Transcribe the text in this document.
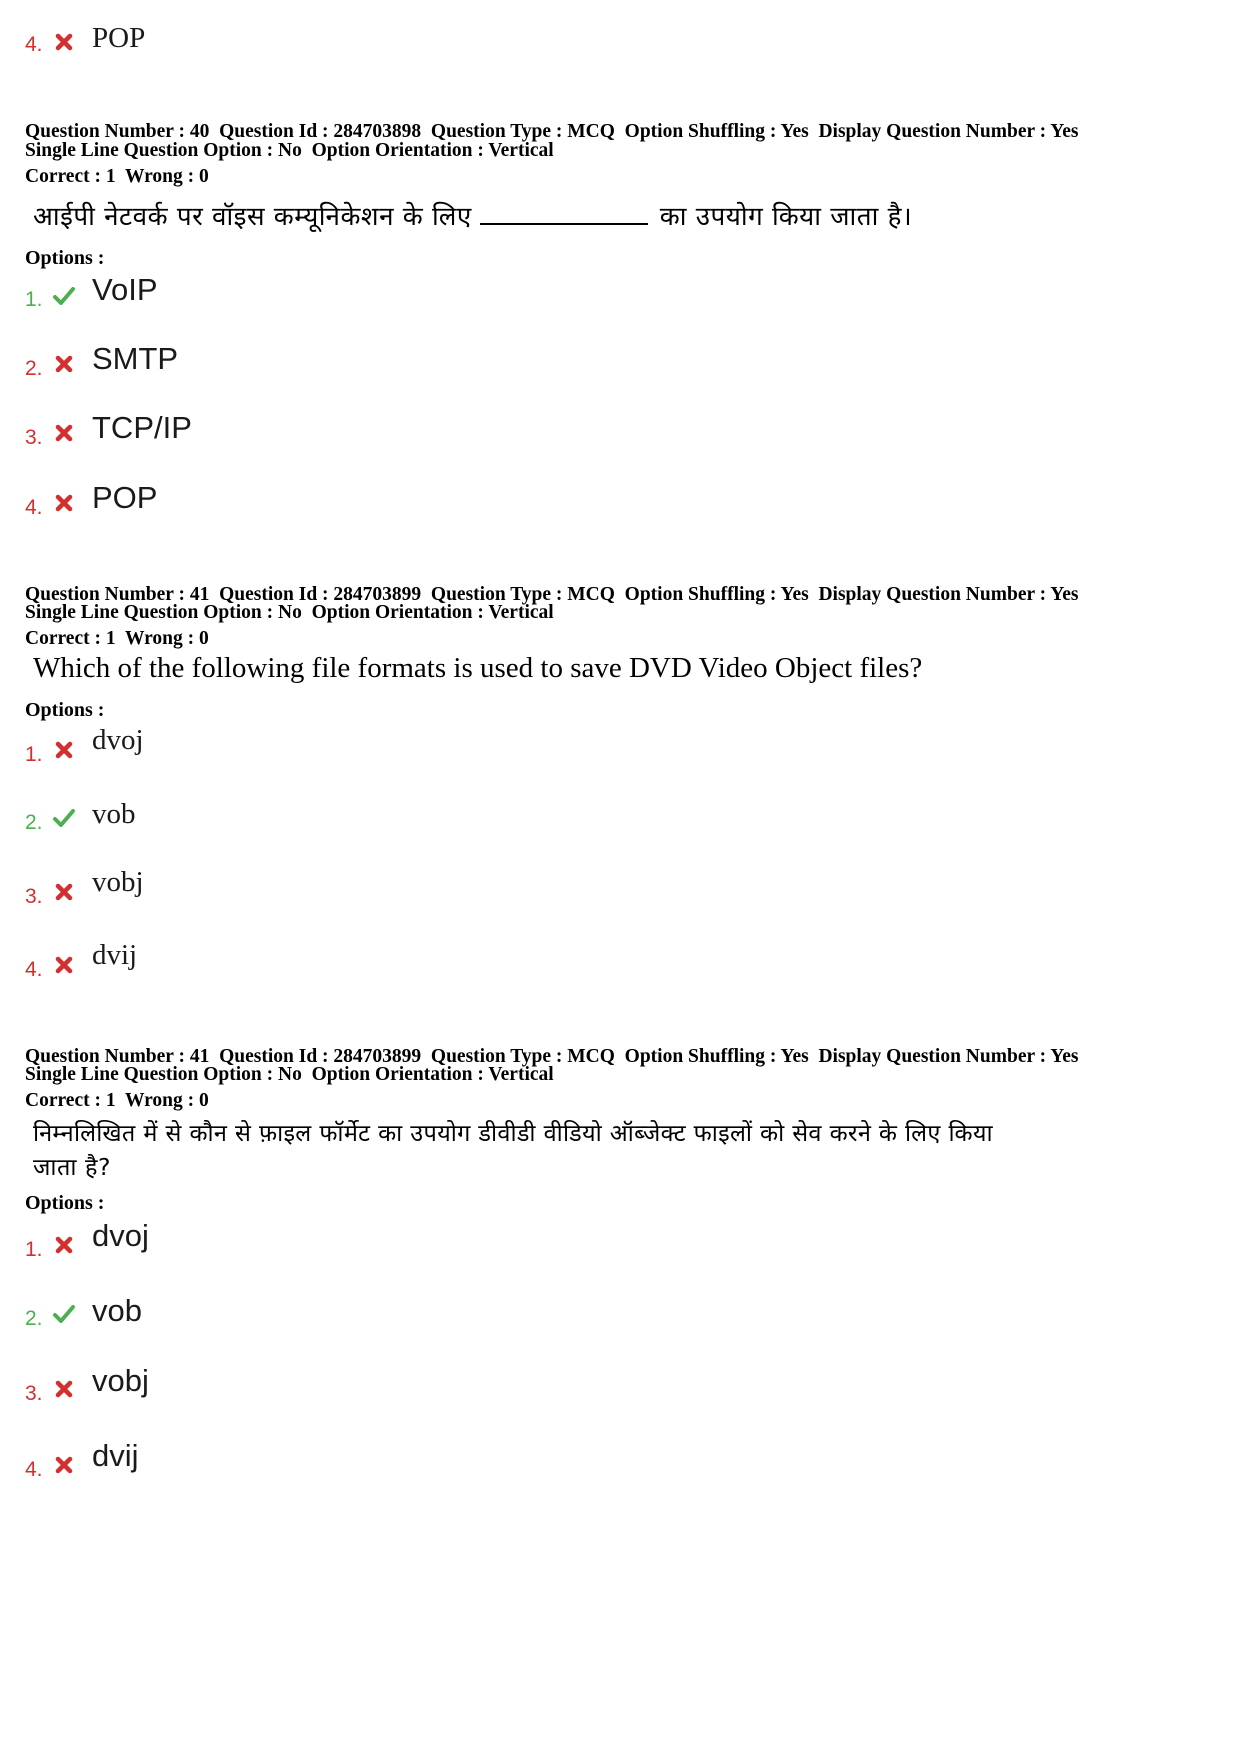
4. POP
Question Number : 40  Question Id : 284703898  Question Type : MCQ  Option Shuffling : Yes  Display Question Number : Yes
Single Line Question Option : No  Option Orientation : Vertical
Correct : 1  Wrong : 0
आईपी नेटवर्क पर वॉइस कम्यूनिकेशन के लिए	का उपयोग किया जाता है।
Options :
1. VoIP
2. SMTP
3. TCP/IP
4. POP
Question Number : 41  Question Id : 284703899  Question Type : MCQ  Option Shuffling : Yes  Display Question Number : Yes
Single Line Question Option : No  Option Orientation : Vertical
Correct : 1  Wrong : 0
Which of the following file formats is used to save DVD Video Object files?
Options :
1. dvoj
2. vob
3. vobj
4. dvij
Question Number : 41  Question Id : 284703899  Question Type : MCQ  Option Shuffling : Yes  Display Question Number : Yes
Single Line Question Option : No  Option Orientation : Vertical
Correct : 1  Wrong : 0
निम्नलिखित में से कौन से फ़ाइल फॉर्मेट का उपयोग डीवीडी वीडियो ऑब्जेक्ट फाइलों को सेव करने के लिए किया
जाता है?
Options :
1. dvoj
2. vob
3. vobj
4. dvij
